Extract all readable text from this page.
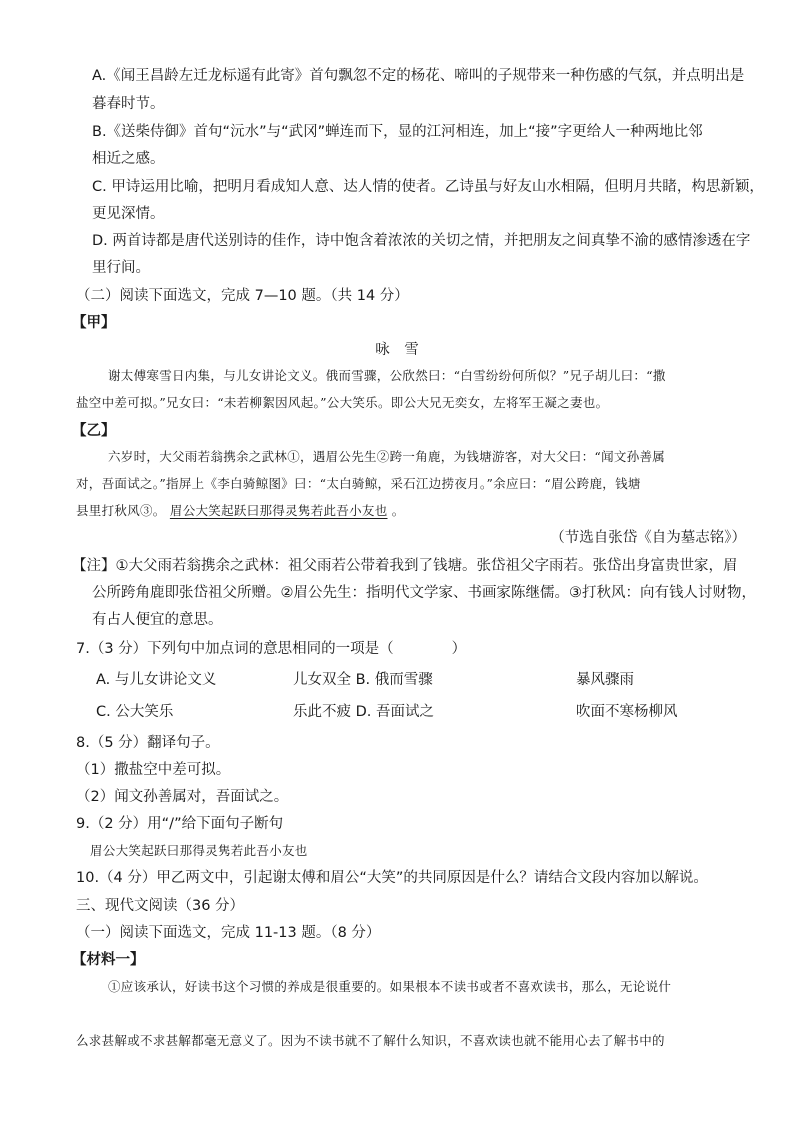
A.《闻王昌龄左迁龙标遥有此寄》首句飘忽不定的杨花、啼叫的子规带来一种伤感的气氛，并点明出是
暮春时节。
B.《送柴侍御》首句“沅水”与“武冈”蝉连而下，显的江河相连，加上“接”字更给人一种两地比邻
相近之感。
C. 甲诗运用比喻，把明月看成知人意、达人情的使者。乙诗虽与好友山水相隔，但明月共睹，构思新颖，
更见深情。
D. 两首诗都是唐代送别诗的佳作，诗中饱含着浓浓的关切之情，并把朋友之间真挚不渝的感情渗透在字
里行间。
（二）阅读下面选文，完成 7—10 题。（共 14 分）
【甲】
咏　雪
谢太傅寒雪日内集，与儿女讲论文义。俄而雪骤，公欣然曰：“白雪纷纷何所似？”兄子胡儿曰：“撒
盐空中差可拟。”兄女曰：“未若柳絮因风起。”公大笑乐。即公大兄无奕女，左将军王凝之妻也。
【乙】
六岁时，大父雨若翁携余之武林①，遇眉公先生②跨一角鹿，为钱塘游客，对大父曰：“闻文孙善属
对，吾面试之。”指屏上《李白骑鲸图》曰：“太白骑鲸，采石江边捞夜月。”余应曰：“眉公跨鹿，钱塘
县里打秋风③。 眉公大笑起跃曰那得灵隽若此吾小友也 。
（节选自张岱《自为墓志铭》）
【注】①大父雨若翁携余之武林：祖父雨若公带着我到了钱塘。张岱祖父字雨若。张岱出身富贵世家，眉
公所跨角鹿即张岱祖父所赠。②眉公先生：指明代文学家、书画家陈继儒。③打秋风：向有钱人讨财物，
有占人便宜的意思。
7.（3 分）下列句中加点词的意思相同的一项是（　　　　）
A. 与儿女讲论文义	儿女双全 B. 俄而雪骤	暴风骤雨
C. 公大笑乐	乐此不疲 D. 吾面试之	吹面不寒杨柳风
8.（5 分）翻译句子。
（1）撒盐空中差可拟。
（2）闻文孙善属对，吾面试之。
9.（2 分）用“/”给下面句子断句
眉公大笑起跃曰那得灵隽若此吾小友也
10.（4 分）甲乙两文中，引起谢太傅和眉公“大笑”的共同原因是什么？请结合文段内容加以解说。
三、现代文阅读（36 分）
（一）阅读下面选文，完成 11-13 题。（8 分）
【材料一】
①应该承认，好读书这个习惯的养成是很重要的。如果根本不读书或者不喜欢读书，那么，无论说什
么求甚解或不求甚解都毫无意义了。因为不读书就不了解什么知识，不喜欢读也就不能用心去了解书中的
